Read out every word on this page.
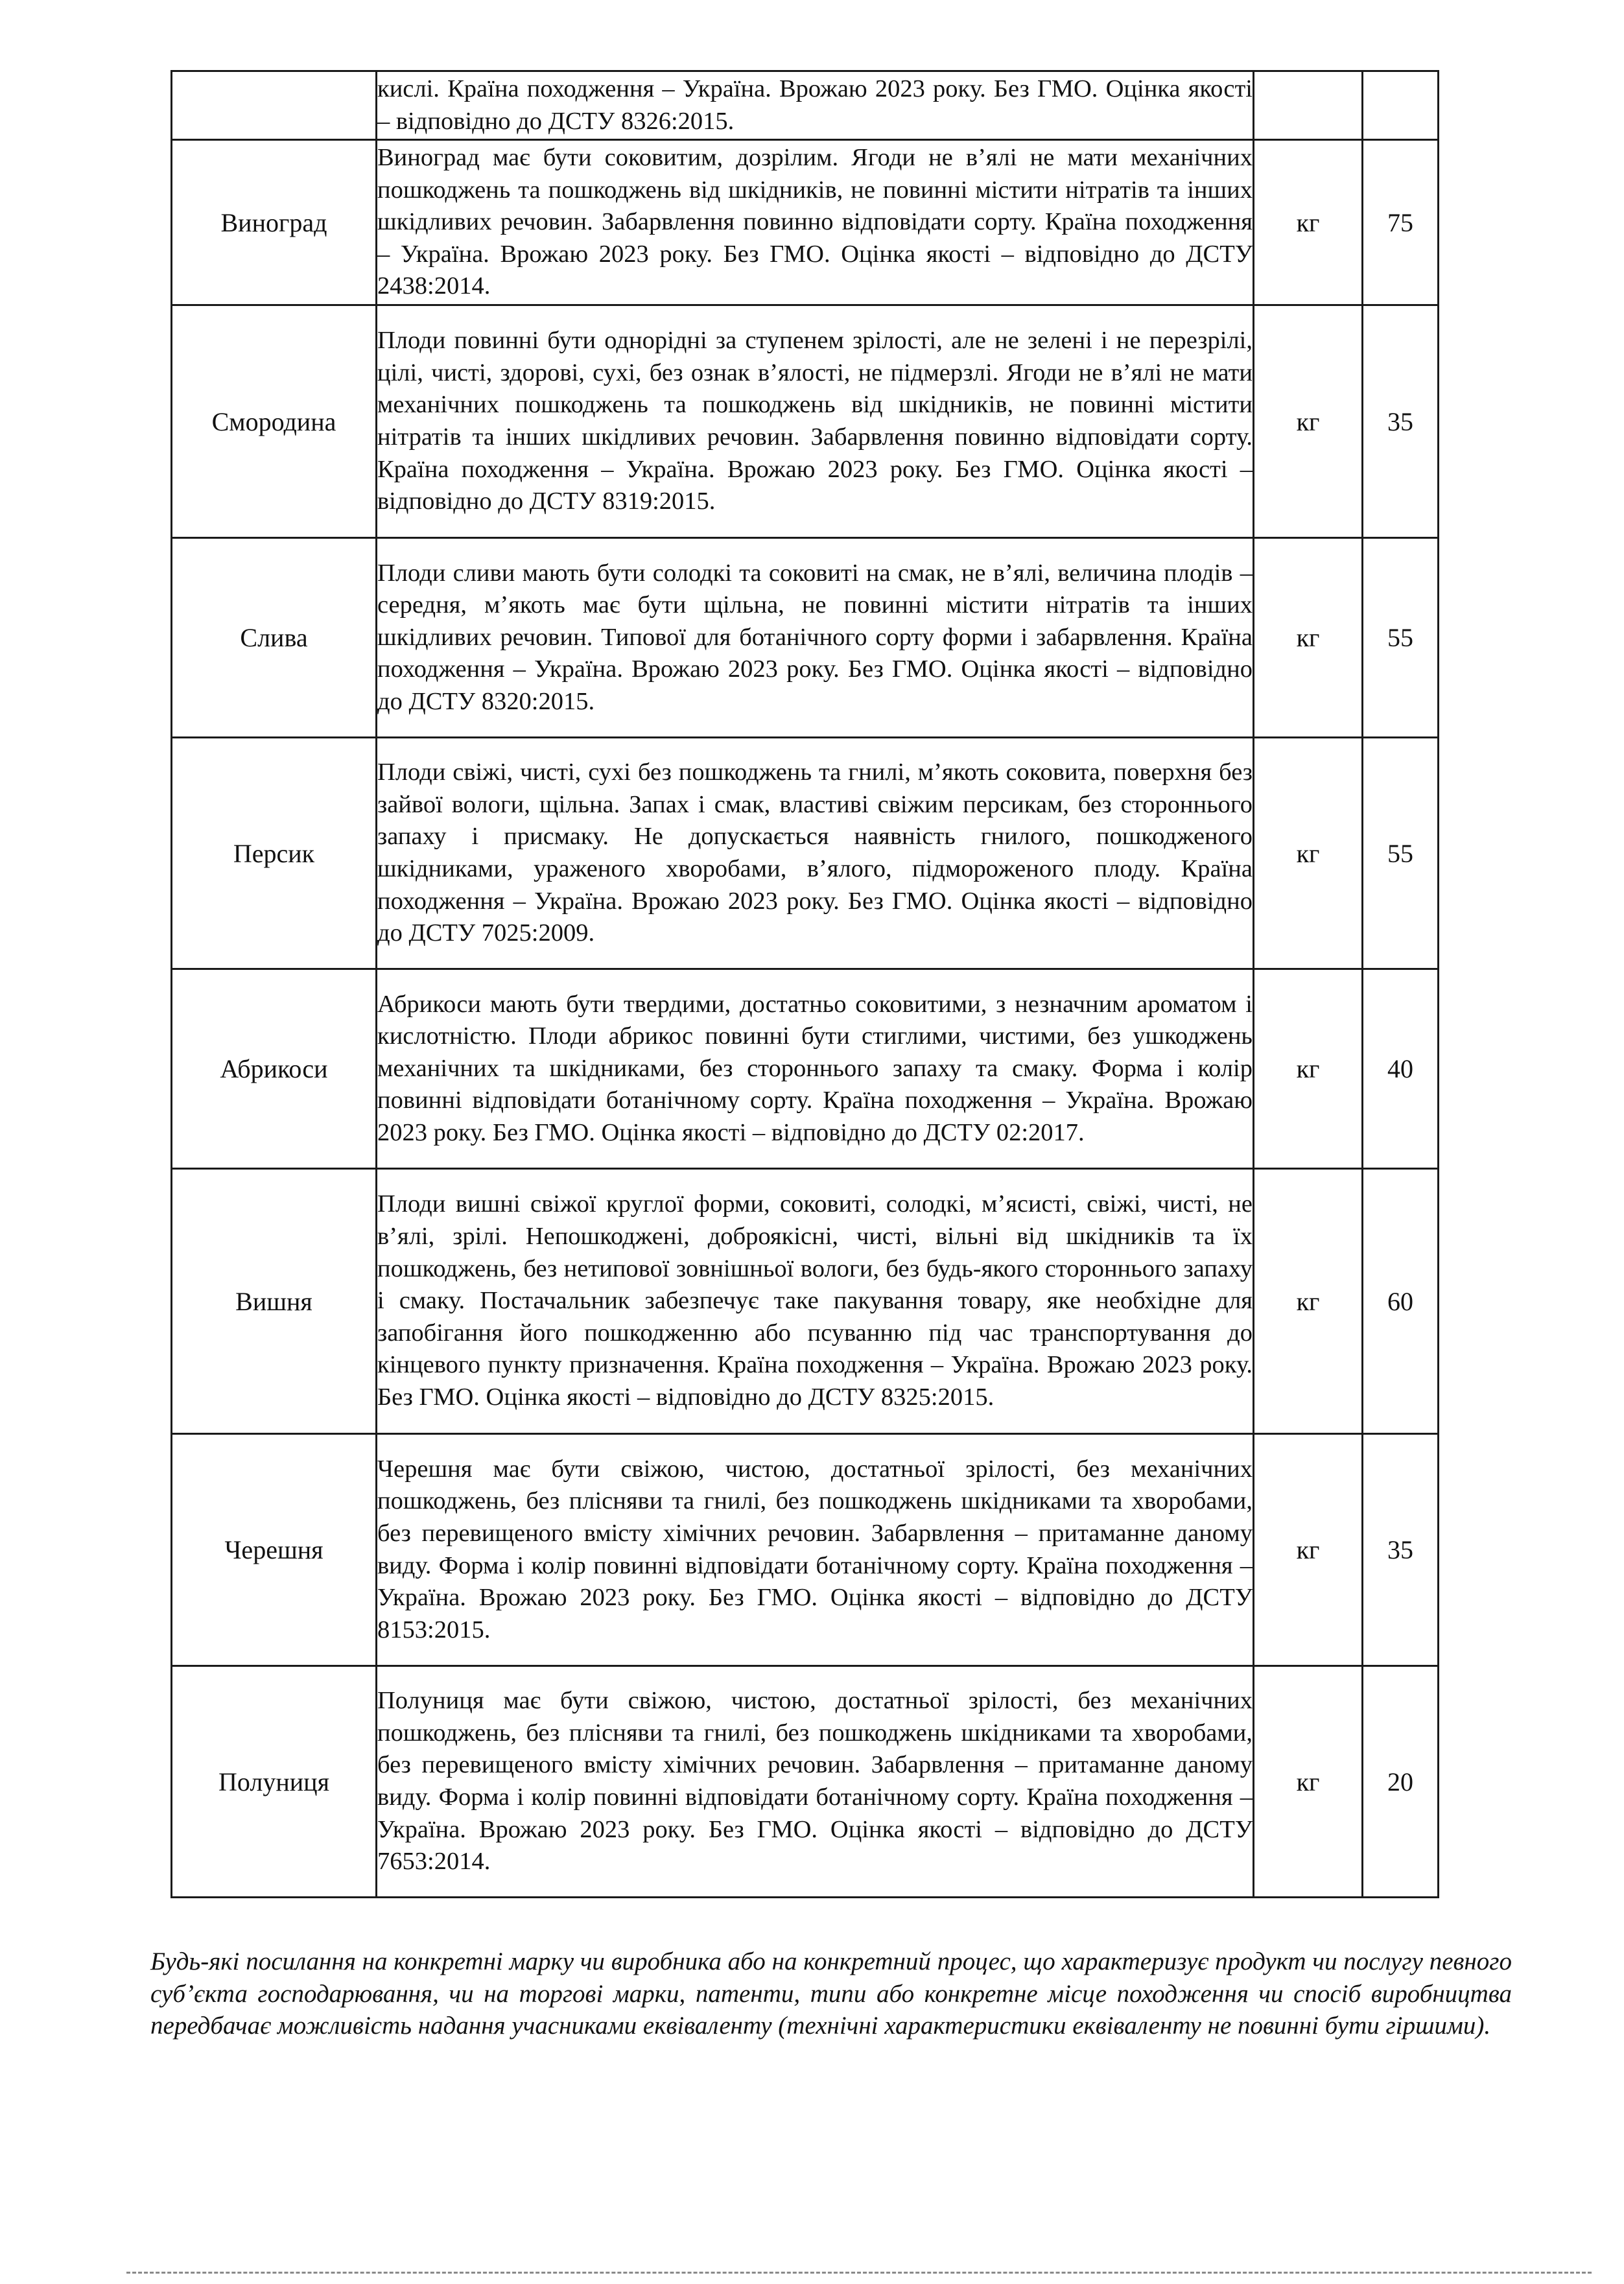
	кислі. Країна походження – Україна. Врожаю 2023 року. Без ГМО. Оцінка якості – відповідно до ДСТУ 8326:2015.		
Виноград	Виноград має бути соковитим, дозрілим. Ягоди не в’ялі не мати механічних пошкоджень та пошкоджень від шкідників, не повинні містити нітратів та інших шкідливих речовин. Забарвлення повинно відповідати сорту. Країна походження – Україна. Врожаю 2023 року. Без ГМО. Оцінка якості – відповідно до ДСТУ 2438:2014.	кг	75
Смородина	Плоди повинні бути однорідні за ступенем зрілості, але не зелені і не перезрілі, цілі, чисті, здорові, сухі, без ознак в’ялості, не підмерзлі. Ягоди не в’ялі не мати механічних пошкоджень та пошкоджень від шкідників, не повинні містити нітратів та інших шкідливих речовин. Забарвлення повинно відповідати сорту. Країна походження – Україна. Врожаю 2023 року. Без ГМО. Оцінка якості – відповідно до ДСТУ 8319:2015.	кг	35
Слива	Плоди сливи мають бути солодкі та соковиті на смак, не в’ялі, величина плодів – середня, м’якоть має бути щільна, не повинні містити нітратів та інших шкідливих речовин. Типової для ботанічного сорту форми і забарвлення. Країна походження – Україна. Врожаю 2023 року. Без ГМО. Оцінка якості – відповідно до ДСТУ 8320:2015.	кг	55
Персик	Плоди свіжі, чисті, сухі без пошкоджень та гнилі, м’якоть соковита, поверхня без зайвої вологи, щільна. Запах і смак, властиві свіжим персикам, без стороннього запаху і присмаку. Не допускається наявність гнилого, пошкодженого шкідниками, ураженого хворобами, в’ялого, підмороженого плоду. Країна походження – Україна. Врожаю 2023 року. Без ГМО. Оцінка якості – відповідно до ДСТУ 7025:2009.	кг	55
Абрикоси	Абрикоси мають бути твердими, достатньо соковитими, з незначним ароматом і кислотністю. Плоди абрикос повинні бути стиглими, чистими, без ушкоджень механічних та шкідниками, без стороннього запаху та смаку. Форма і колір повинні відповідати ботанічному сорту. Країна походження – Україна. Врожаю 2023 року. Без ГМО. Оцінка якості – відповідно до ДСТУ 02:2017.	кг	40
Вишня	Плоди вишні свіжої круглої форми, соковиті, солодкі, м’ясисті, свіжі, чисті, не в’ялі, зрілі. Непошкоджені, доброякісні, чисті, вільні від шкідників та їх пошкоджень, без нетипової зовнішньої вологи, без будь-якого стороннього запаху і смаку. Постачальник забезпечує таке пакування товару, яке необхідне для запобігання його пошкодженню або псуванню під час транспортування до кінцевого пункту призначення. Країна походження – Україна. Врожаю 2023 року. Без ГМО. Оцінка якості – відповідно до ДСТУ 8325:2015.	кг	60
Черешня	Черешня має бути свіжою, чистою, достатньої зрілості, без механічних пошкоджень, без плісняви та гнилі, без пошкоджень шкідниками та хворобами, без перевищеного вмісту хімічних речовин. Забарвлення – притаманне даному виду. Форма і колір повинні відповідати ботанічному сорту. Країна походження – Україна. Врожаю 2023 року. Без ГМО. Оцінка якості – відповідно до ДСТУ 8153:2015.	кг	35
Полуниця	Полуниця має бути свіжою, чистою, достатньої зрілості, без механічних пошкоджень, без плісняви та гнилі, без пошкоджень шкідниками та хворобами, без перевищеного вмісту хімічних речовин. Забарвлення – притаманне даному виду. Форма і колір повинні відповідати ботанічному сорту. Країна походження – Україна. Врожаю 2023 року. Без ГМО. Оцінка якості – відповідно до ДСТУ 7653:2014.	кг	20

Будь-які посилання на конкретні марку чи виробника або на конкретний процес, що характеризує продукт чи послугу певного суб’єкта господарювання, чи на торгові марки, патенти, типи або конкретне місце походження чи спосіб виробництва передбачає можливість надання учасниками еквіваленту (технічні характеристики еквіваленту не повинні бути гіршими).
